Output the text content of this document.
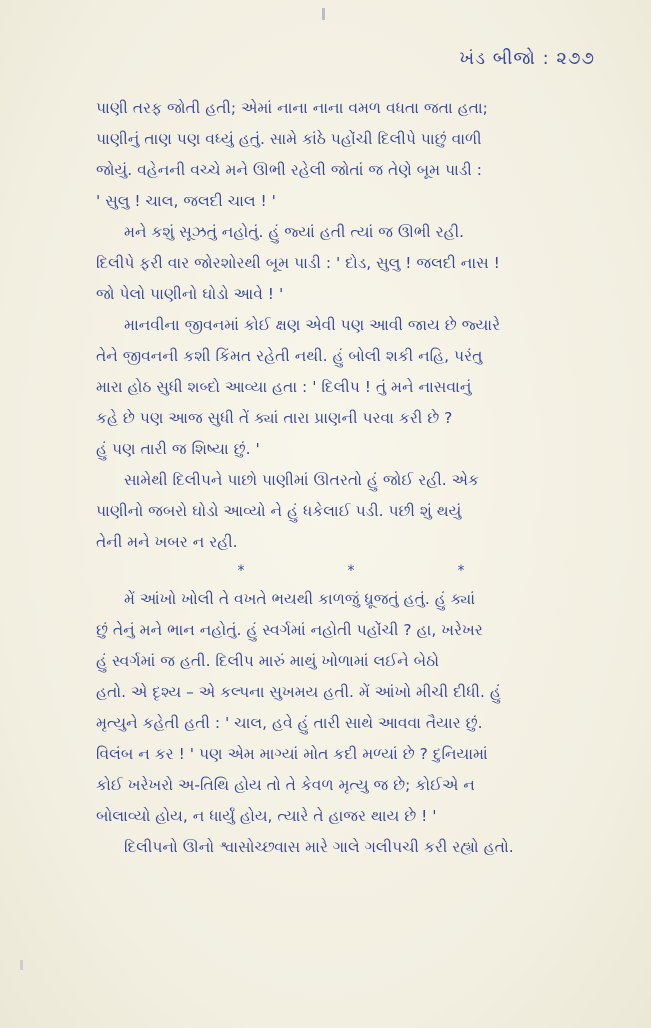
ખંડ બીજો : ૨૭૭

પાણી તરફ જોતી હતી; એમાં નાના નાના વમળ વધતા જતા હતા;
પાણીનું તાણ પણ વધ્યું હતું. સામે કાંઠે પહોંચી દિલીપે પાછું વાળી
જોયું. વહેનની વચ્ચે મને ઊભી રહેલી જોતાં જ તેણે બૂમ પાડી :
' સુલુ ! ચાલ, જલદી ચાલ ! '

મને કશું સૂઝતું નહોતું. હું જ્યાં હતી ત્યાં જ ઊભી રહી.
દિલીપે ફરી વાર જોરશોરથી બૂમ પાડી : ' દોડ, સુલુ ! જલદી નાસ !
જો પેલો પાણીનો ઘોડો આવે ! '

માનવીના જીવનમાં કોઈ ક્ષણ એવી પણ આવી જાય છે જ્યારે
તેને જીવનની કશી કિંમત રહેતી નથી. હું બોલી શકી નહિ, પરંતુ
મારા હોઠ સુધી શબ્દો આવ્યા હતા : ' દિલીપ ! તું મને નાસવાનું
કહે છે પણ આજ સુધી તેં ક્યાં તારા પ્રાણની પરવા કરી છે ?
હું પણ તારી જ શિષ્યા છું. '

સામેથી દિલીપને પાછો પાણીમાં ઊતરતો હું જોઈ રહી. એક
પાણીનો જબરો ઘોડો આવ્યો ને હું ધકેલાઈ પડી. પછી શું થયું
તેની મને ખબર ન રહી.

*	*	*

મેં આંખો ખોલી તે વખતે ભયથી કાળજું ધ્રૂજતું હતું. હું ક્યાં
છું તેનું મને ભાન નહોતું. હું સ્વર્ગમાં નહોતી પહોંચી ? હા, ખરેખર
હું સ્વર્ગમાં જ હતી. દિલીપ મારું માથું ખોળામાં લઈને બેઠો
હતો. એ દૃશ્ય – એ કલ્પના સુખમય હતી. મેં આંખો મીચી દીધી. હું
મૃત્યુને કહેતી હતી : ' ચાલ, હવે હું તારી સાથે આવવા તૈયાર છું.
વિલંબ ન કર ! ' પણ એમ માગ્યાં મોત કદી મળ્યાં છે ? દુનિયામાં
કોઈ ખરેખરો અ-તિથિ હોય તો તે કેવળ મૃત્યુ જ છે; કોઈએ ન
બોલાવ્યો હોય, ન ધાર્યું હોય, ત્યારે તે હાજર થાય છે ! '

દિલીપનો ઊનો શ્વાસોચ્છ્વાસ મારે ગાલે ગલીપચી કરી રહ્યો હતો.
